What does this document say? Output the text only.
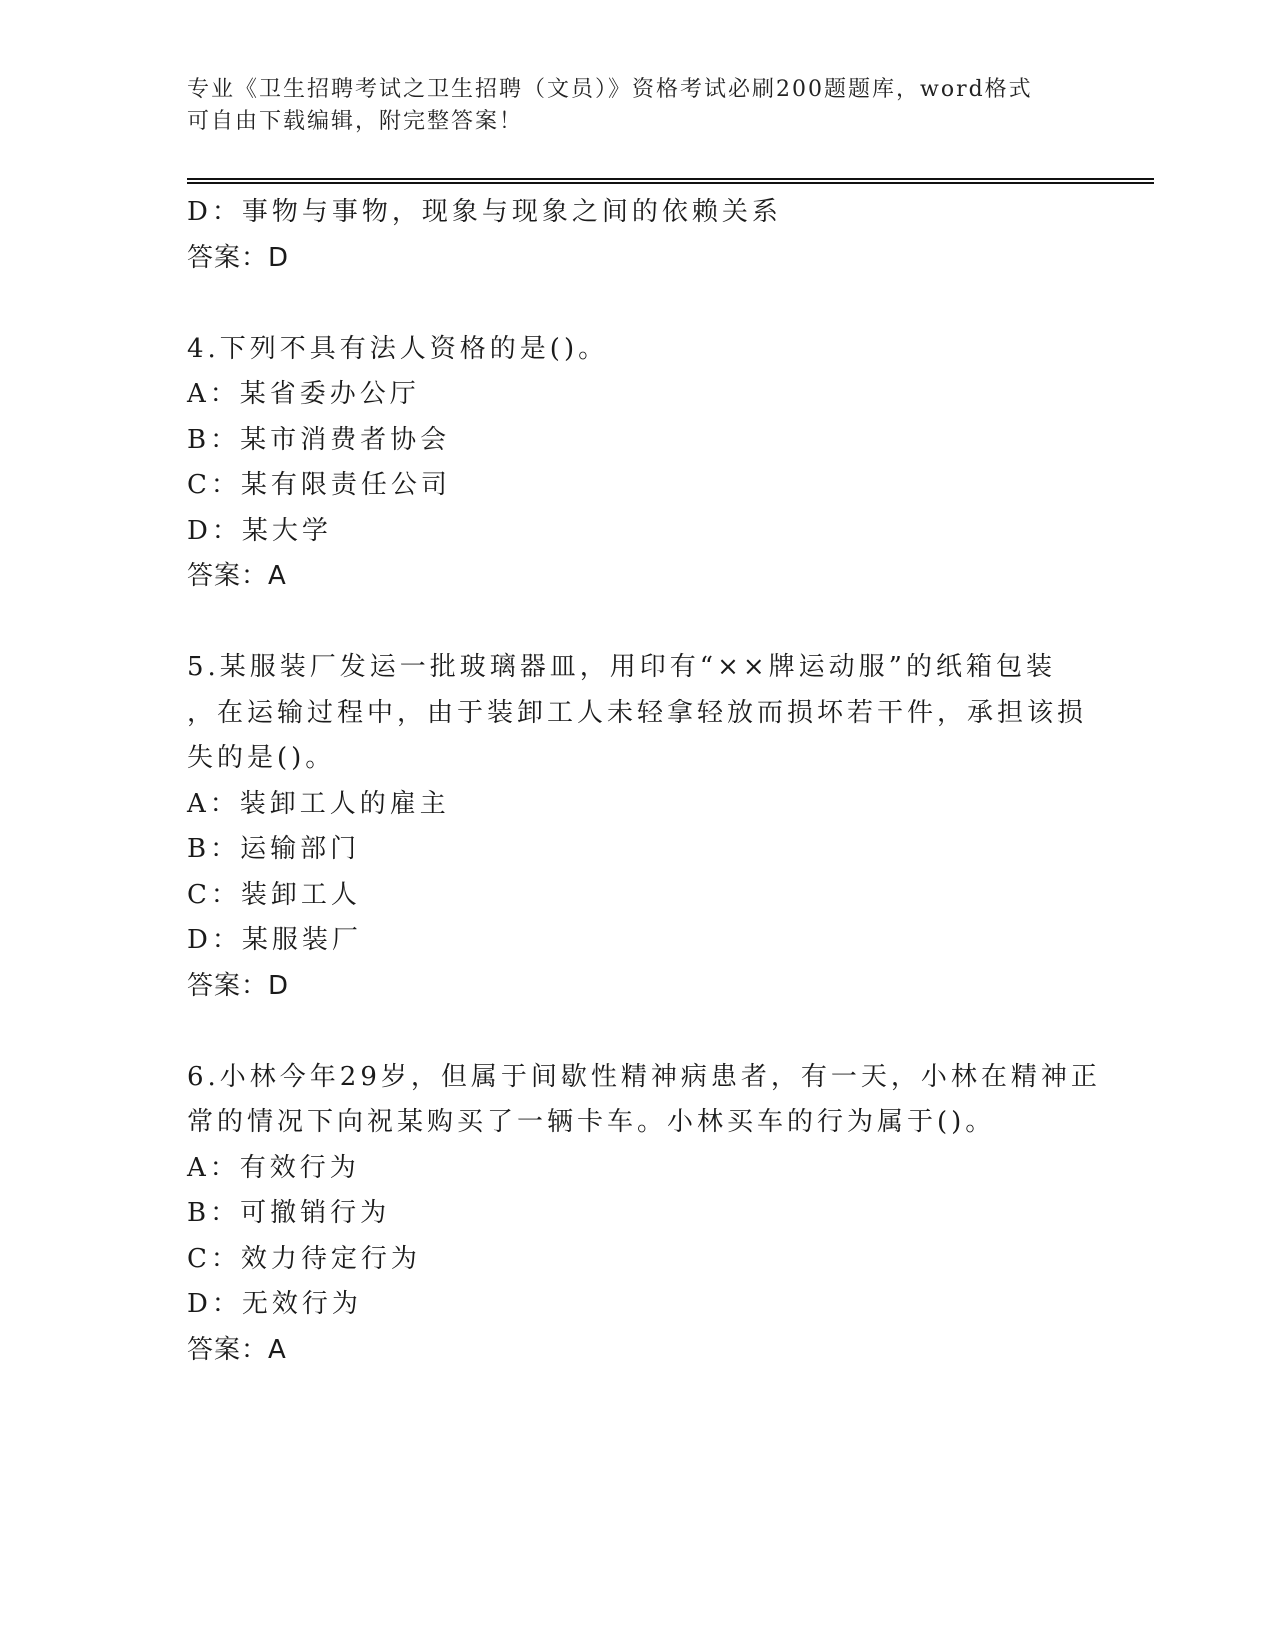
专业《卫生招聘考试之卫生招聘（文员）》资格考试必刷200题题库，word格式
可自由下载编辑，附完整答案！
D：事物与事物，现象与现象之间的依赖关系
答案：D
4.下列不具有法人资格的是()。
A：某省委办公厅
B：某市消费者协会
C：某有限责任公司
D：某大学
答案：A
5.某服装厂发运一批玻璃器皿，用印有“××牌运动服”的纸箱包装
，在运输过程中，由于装卸工人未轻拿轻放而损坏若干件，承担该损
失的是()。
A：装卸工人的雇主
B：运输部门
C：装卸工人
D：某服装厂
答案：D
6.小林今年29岁，但属于间歇性精神病患者，有一天，小林在精神正
常的情况下向祝某购买了一辆卡车。小林买车的行为属于()。
A：有效行为
B：可撤销行为
C：效力待定行为
D：无效行为
答案：A
